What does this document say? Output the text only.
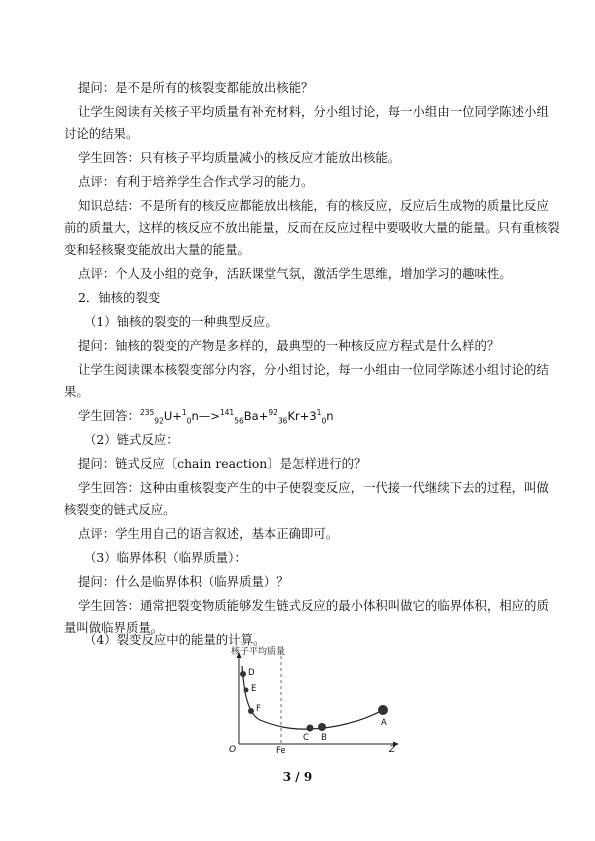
提问：是不是所有的核裂变都能放出核能？
让学生阅读有关核子平均质量有补充材料，分小组讨论，每一小组由一位同学陈述小组
讨论的结果。
学生回答：只有核子平均质量减小的核反应才能放出核能。
点评：有利于培养学生合作式学习的能力。
知识总结：不是所有的核反应都能放出核能，有的核反应，反应后生成物的质量比反应
前的质量大，这样的核反应不放出能量，反而在反应过程中要吸收大量的能量。只有重核裂
变和轻核聚变能放出大量的能量。
点评：个人及小组的竞争，活跃课堂气氛，激活学生思维，增加学习的趣味性。
2．铀核的裂变
（1）铀核的裂变的一种典型反应。
提问：铀核的裂变的产物是多样的，最典型的一种核反应方程式是什么样的？
让学生阅读课本核裂变部分内容，分小组讨论，每一小组由一位同学陈述小组讨论的结
果。
学生回答：$^{235}_{92}U+^1_0n—>^{141}_{56}Ba+^{92}_{36}Kr+3^1_0n$
（2）链式反应：
提问：链式反应〔chain reaction〕是怎样进行的？
学生回答：这种由重核裂变产生的中子使裂变反应，一代接一代继续下去的过程，叫做
核裂变的链式反应。
点评：学生用自己的语言叙述，基本正确即可。
（3）临界体积（临界质量）：
提问：什么是临界体积（临界质量）？
学生回答：通常把裂变物质能够发生链式反应的最小体积叫做它的临界体积，相应的质
量叫做临界质量。
（4）裂变反应中的能量的计算。
核子平均质量
O	Z
Fe
D
E
F
C B
A
3 / 9
